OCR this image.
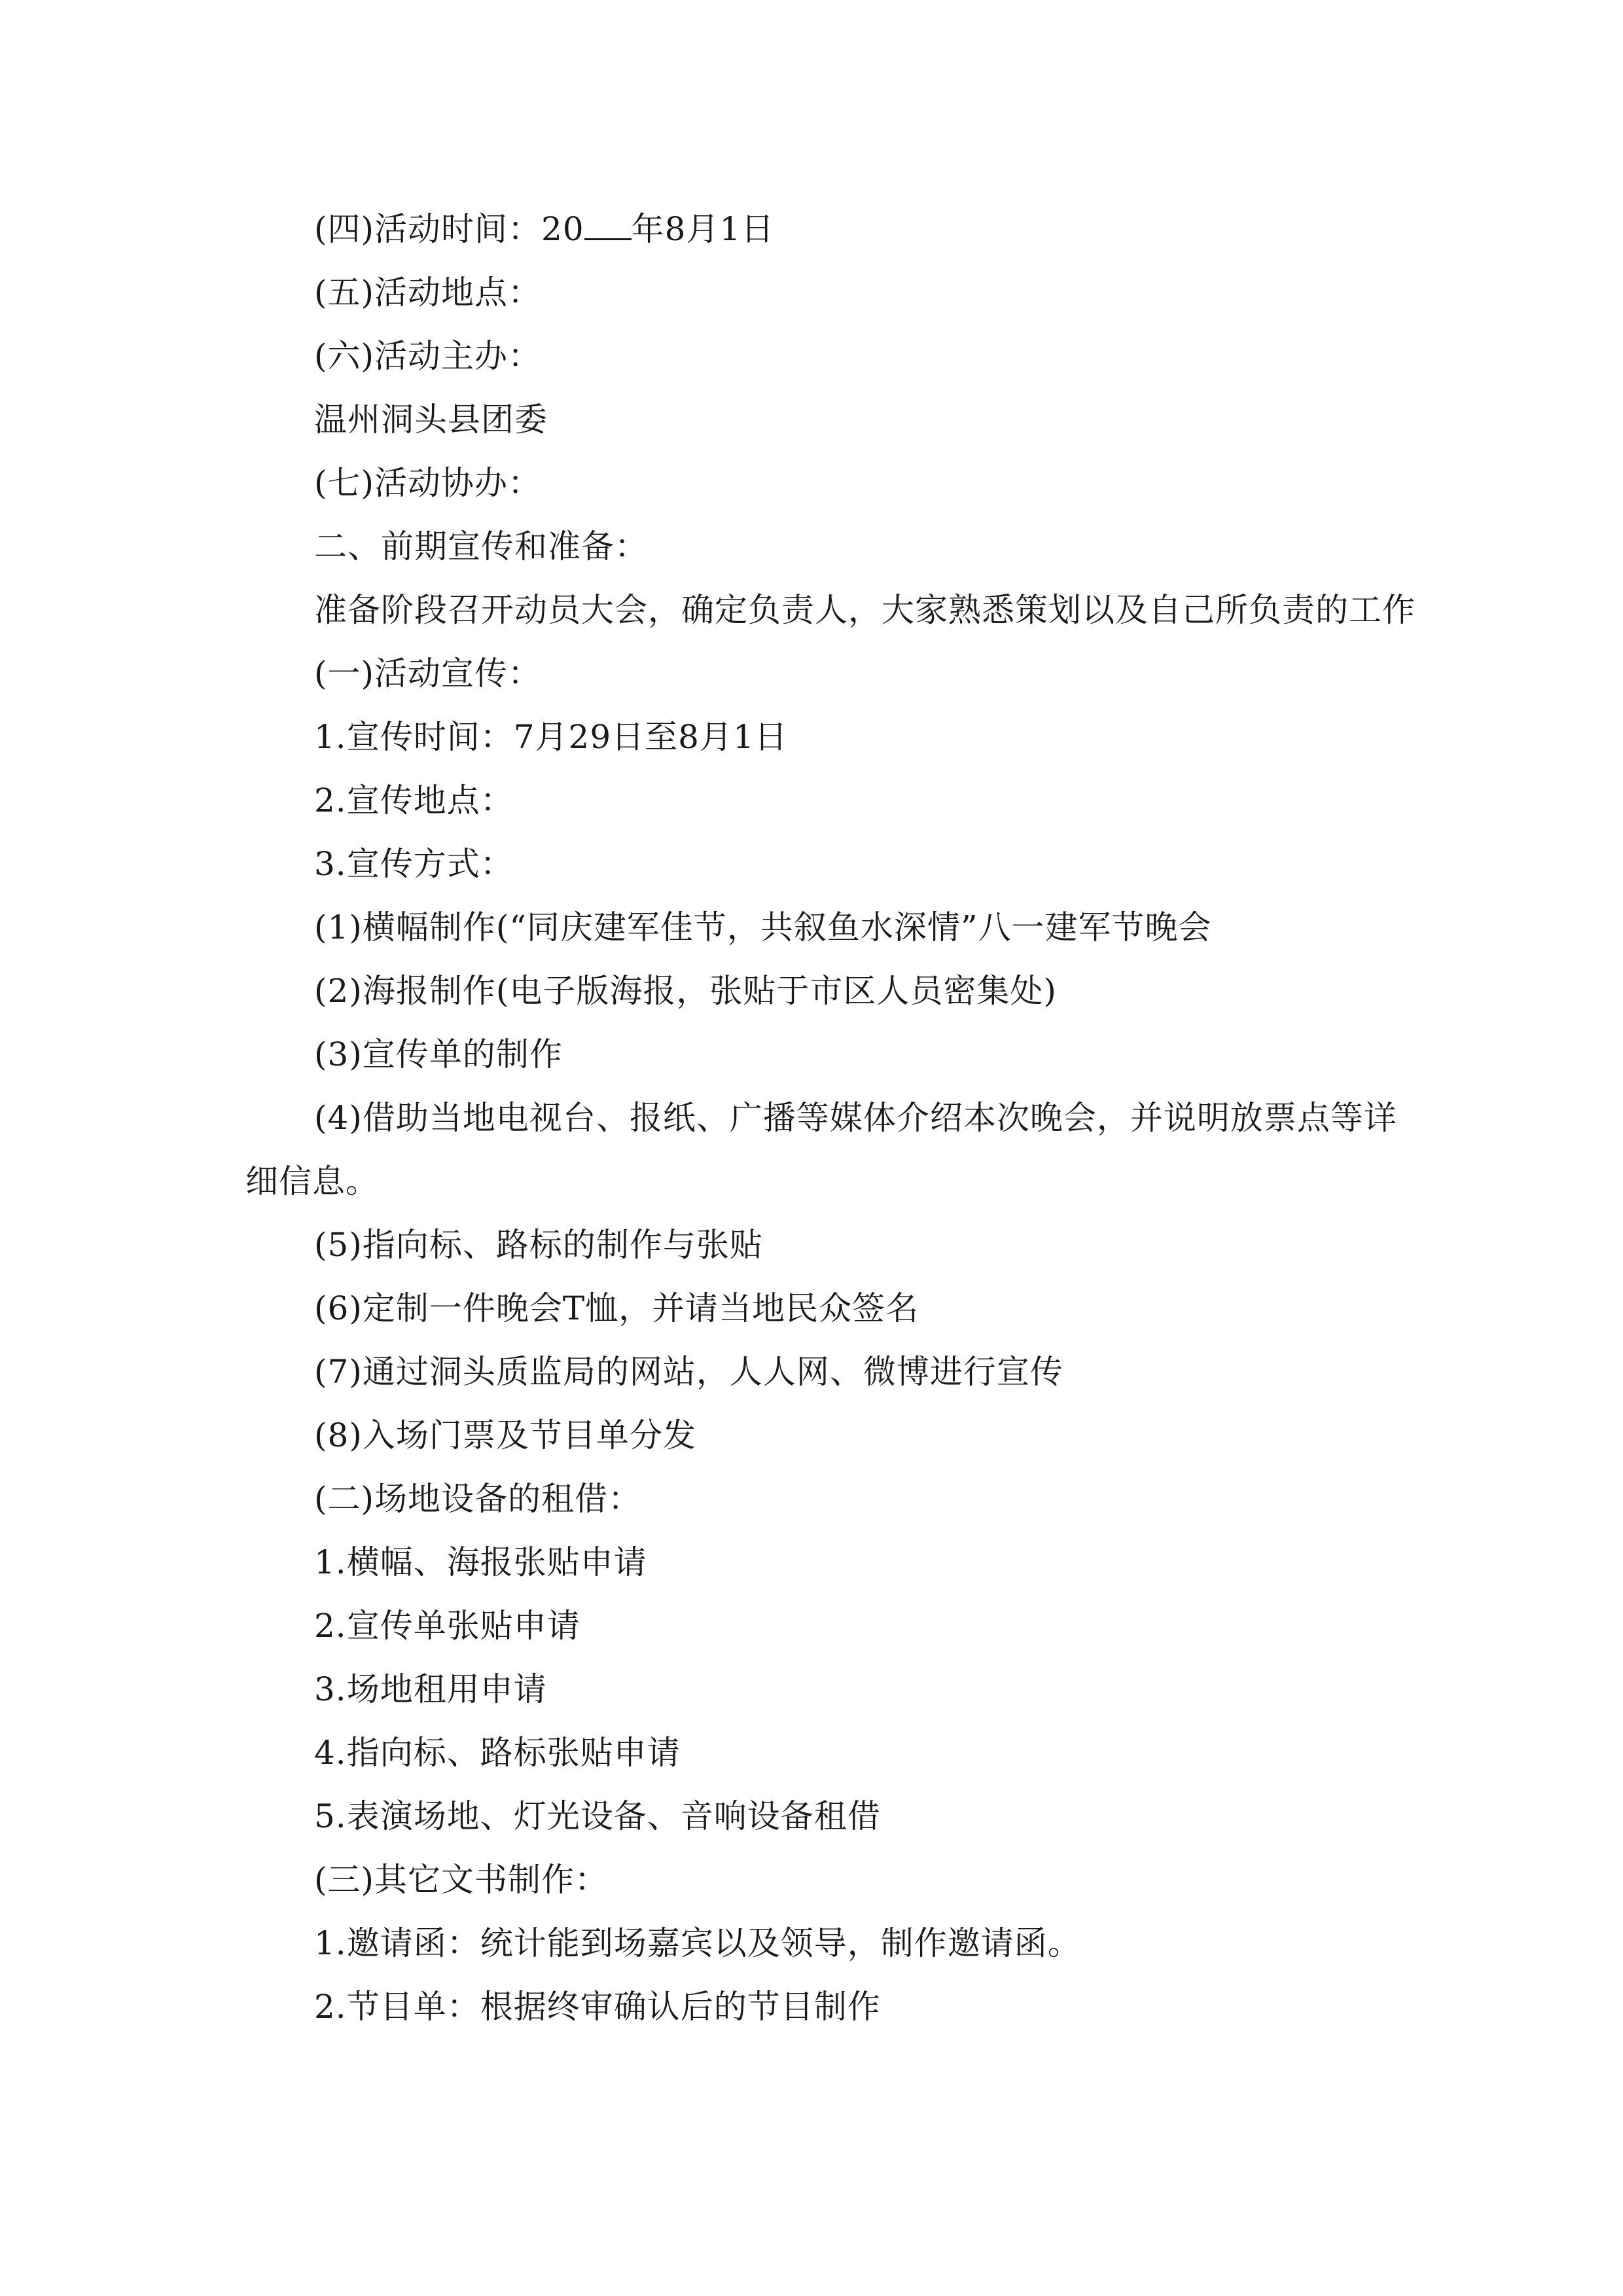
(四)活动时间：20 年8月1日
(五)活动地点：
(六)活动主办：
温州洞头县团委
(七)活动协办：
二、前期宣传和准备：
准备阶段召开动员大会，确定负责人，大家熟悉策划以及自己所负责的工作
(一)活动宣传：
1.宣传时间：7月29日至8月1日
2.宣传地点：
3.宣传方式：
(1)横幅制作(“同庆建军佳节，共叙鱼水深情”八一建军节晚会
(2)海报制作(电子版海报，张贴于市区人员密集处)
(3)宣传单的制作
(4)借助当地电视台、报纸、广播等媒体介绍本次晚会，并说明放票点等详
细信息。
(5)指向标、路标的制作与张贴
(6)定制一件晚会T恤，并请当地民众签名
(7)通过洞头质监局的网站，人人网、微博进行宣传
(8)入场门票及节目单分发
(二)场地设备的租借：
1.横幅、海报张贴申请
2.宣传单张贴申请
3.场地租用申请
4.指向标、路标张贴申请
5.表演场地、灯光设备、音响设备租借
(三)其它文书制作：
1.邀请函：统计能到场嘉宾以及领导，制作邀请函。
2.节目单：根据终审确认后的节目制作
